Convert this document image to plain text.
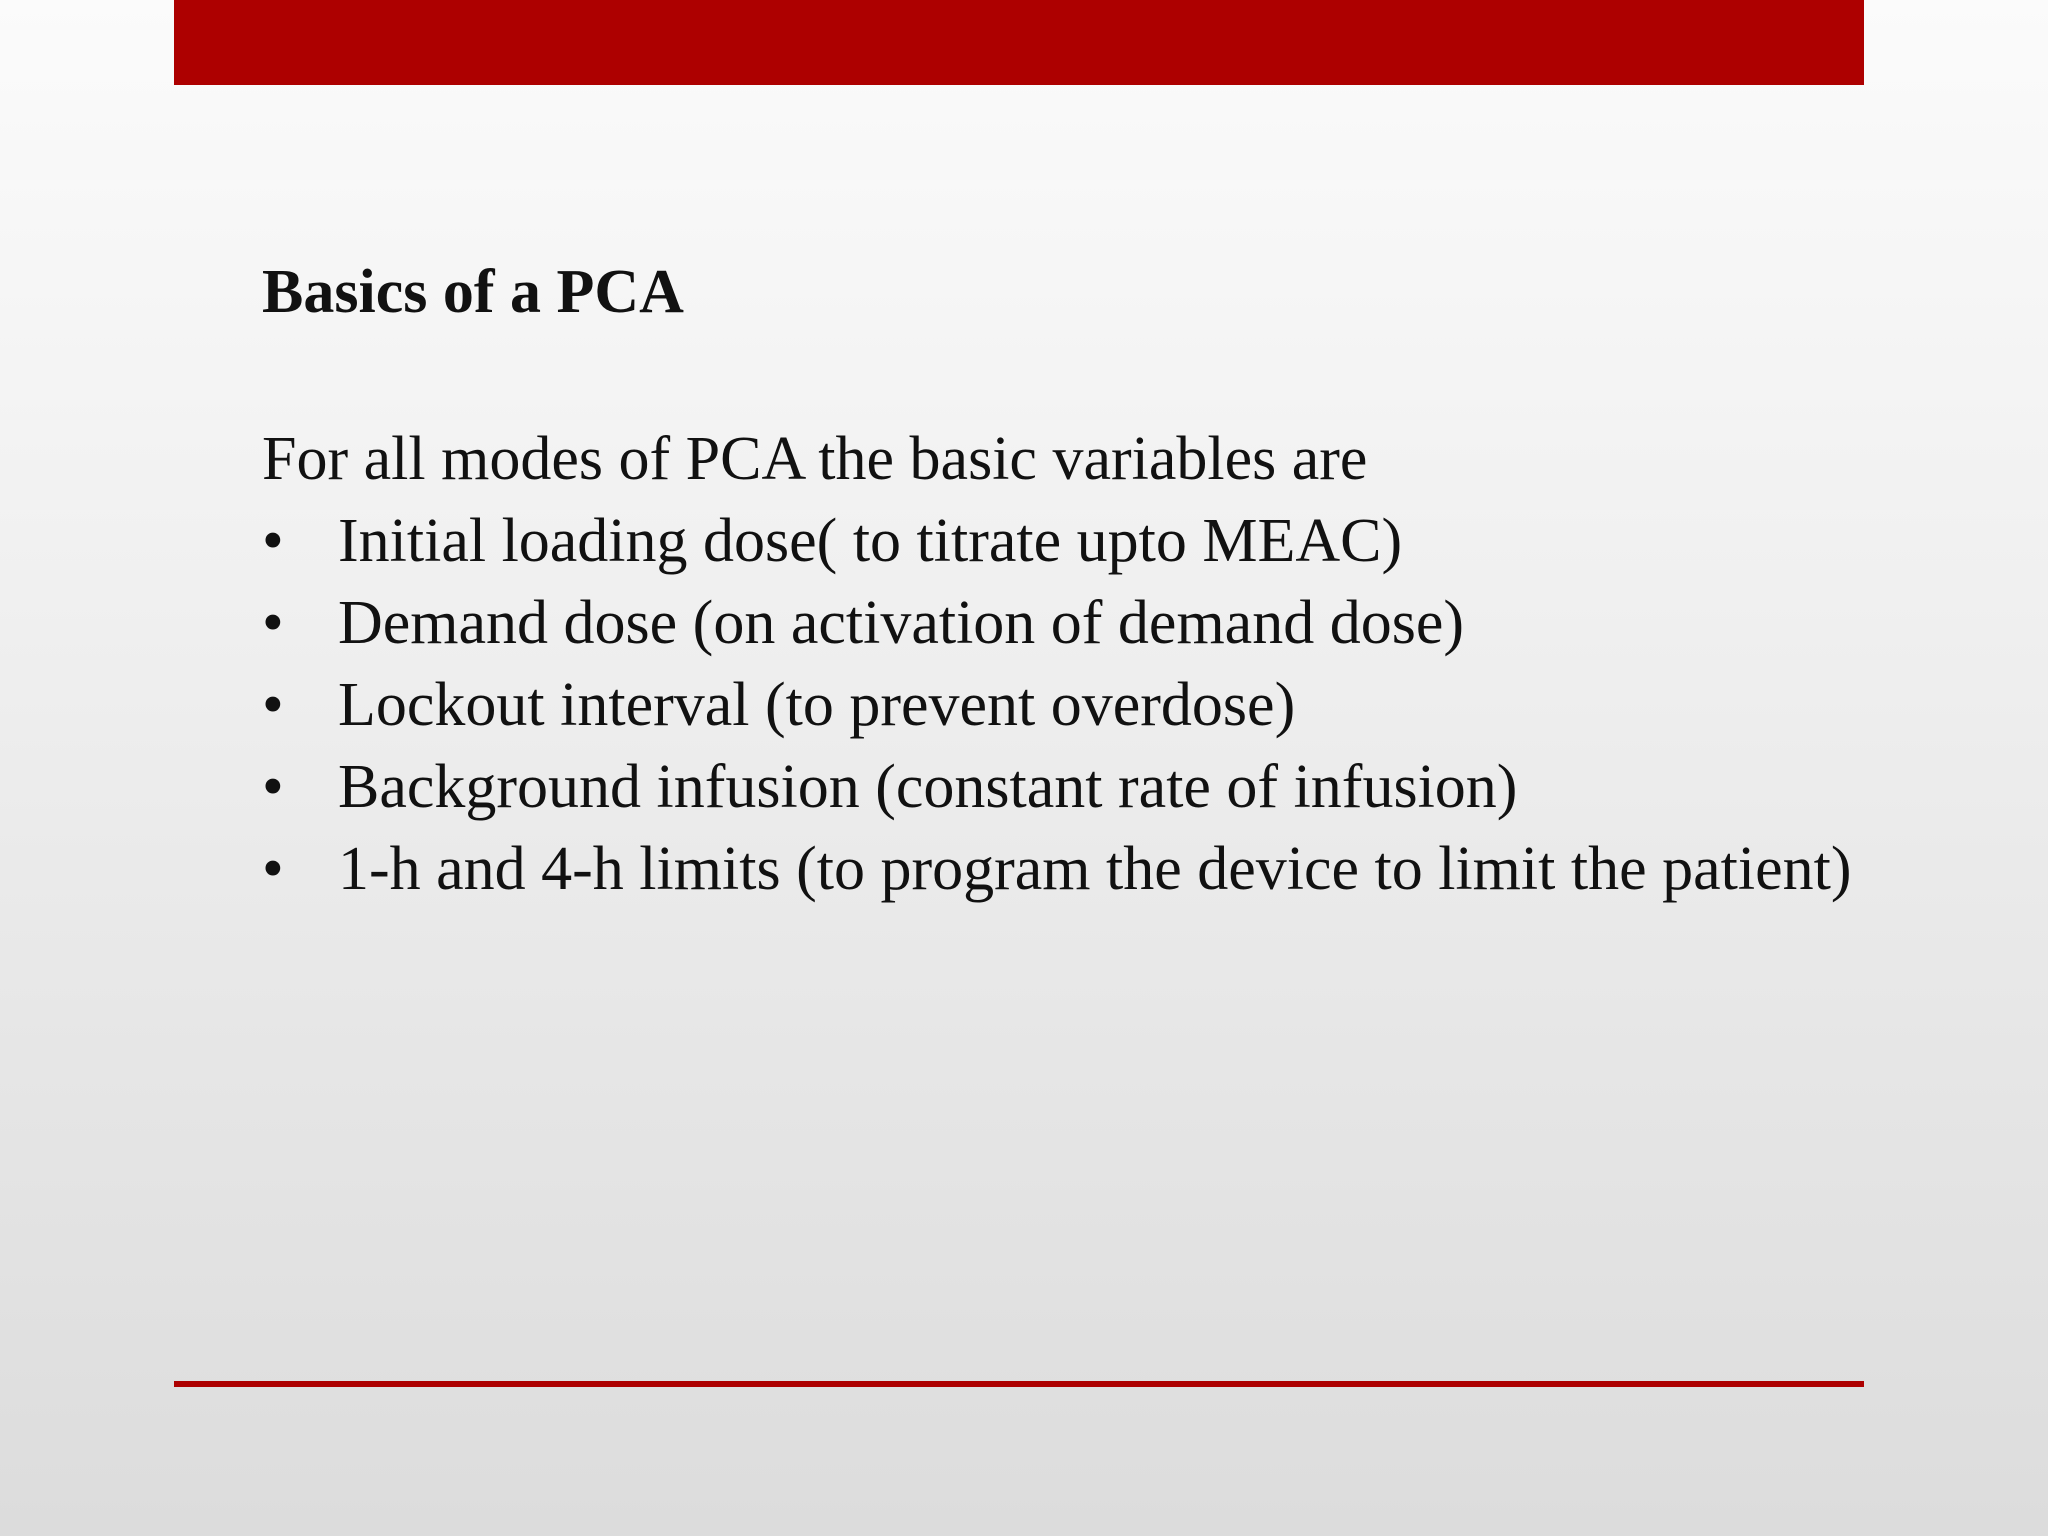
Basics of a PCA

For all modes of PCA the basic variables are

• Initial loading dose( to titrate upto MEAC)
• Demand dose (on activation of demand dose)
• Lockout interval (to prevent overdose)
• Background infusion (constant rate of infusion)
• 1-h and 4-h limits (to program the device to limit the patient)
